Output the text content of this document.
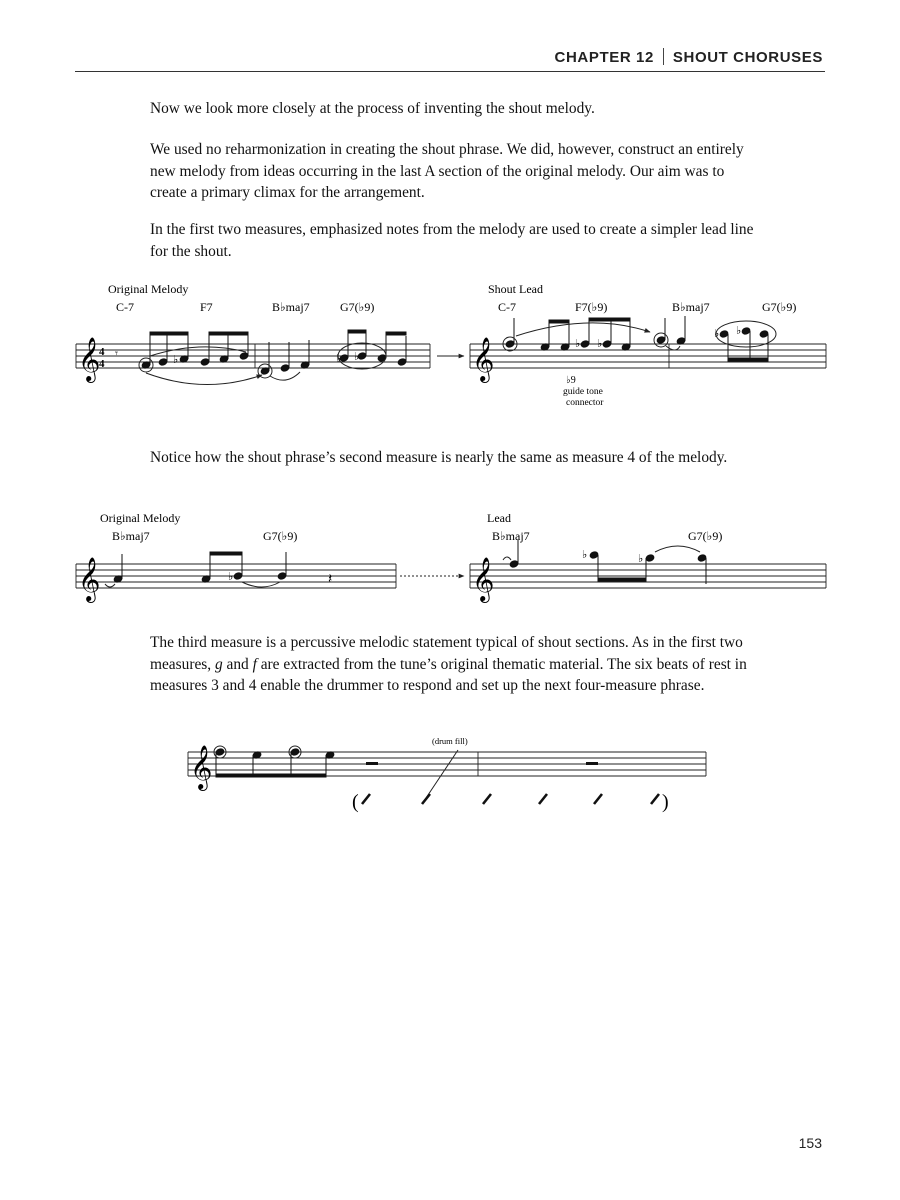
CHAPTER 12 SHOUT CHORUSES

Now we look more closely at the process of inventing the shout melody.

We used no reharmonization in creating the shout phrase. We did, however, construct an entirely new melody from ideas occurring in the last A section of the original melody. Our aim was to create a primary climax for the arrangement.

In the first two measures, emphasized notes from the melody are used to create a simpler lead line for the shout.

Notice how the shout phrase’s second measure is nearly the same as measure 4 of the melody.

The third measure is a percussive melodic statement typical of shout sections. As in the first two measures, g and f are extracted from the tune’s original thematic material. The six beats of rest in measures 3 and 4 enable the drummer to respond and set up the next four-measure phrase.

Original Melody
C-7	F7	B♭maj7	G7(♭9)
𝄞
4
4
𝄾	♭	♭ ♭
Shout Lead
C-7	F7(♭9)	B♭maj7	G7(♭9)
𝄞	♭ ♭
♭ ♭
♭9
guide tone
connector
Original Melody
B♭maj7	G7(♭9)
𝄞	♭	𝄽
Lead
B♭maj7	G7(♭9)
𝄞
♭	♭
𝄞
(drum fill)
(	)
153
